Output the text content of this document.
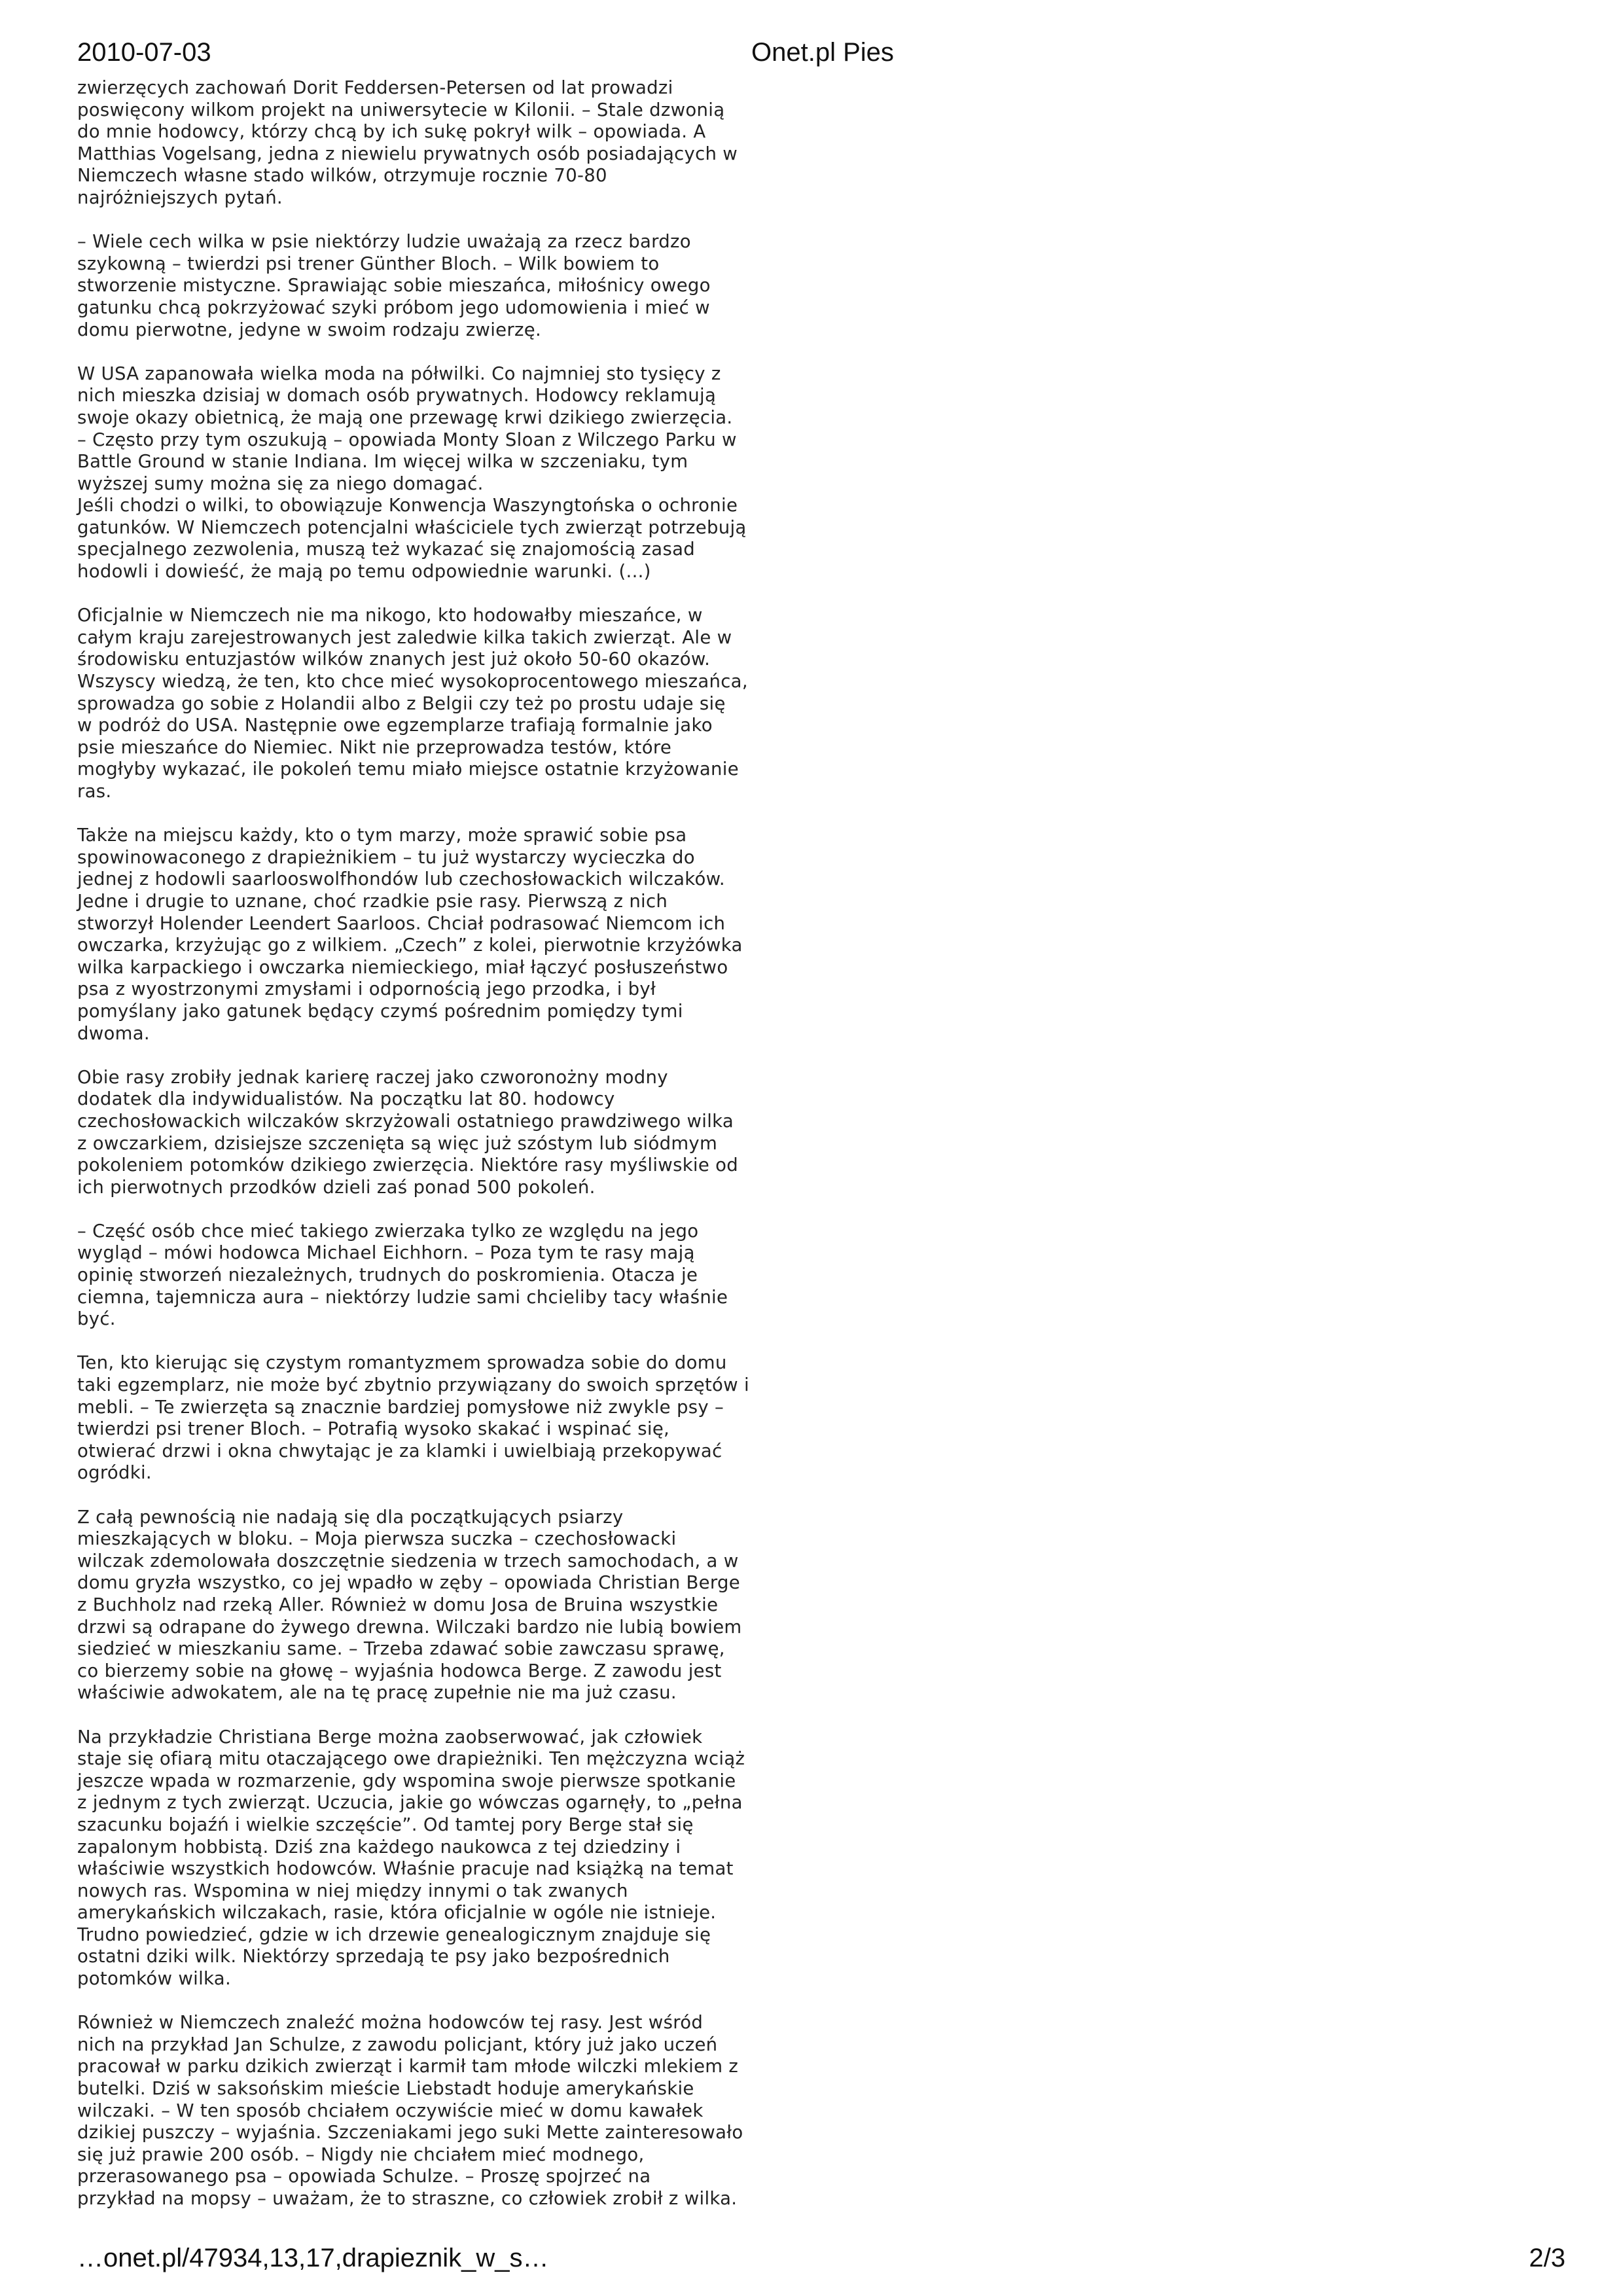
2010-07-03	Onet.pl Pies

zwierzęcych zachowań Dorit Feddersen-Petersen od lat prowadzi
poswięcony wilkom projekt na uniwersytecie w Kilonii. – Stale dzwonią
do mnie hodowcy, którzy chcą by ich sukę pokrył wilk – opowiada. A
Matthias Vogelsang, jedna z niewielu prywatnych osób posiadających w
Niemczech własne stado wilków, otrzymuje rocznie 70-80
najróżniejszych pytań.

– Wiele cech wilka w psie niektórzy ludzie uważają za rzecz bardzo
szykowną – twierdzi psi trener Günther Bloch. – Wilk bowiem to
stworzenie mistyczne. Sprawiając sobie mieszańca, miłośnicy owego
gatunku chcą pokrzyżować szyki próbom jego udomowienia i mieć w
domu pierwotne, jedyne w swoim rodzaju zwierzę.

W USA zapanowała wielka moda na półwilki. Co najmniej sto tysięcy z
nich mieszka dzisiaj w domach osób prywatnych. Hodowcy reklamują
swoje okazy obietnicą, że mają one przewagę krwi dzikiego zwierzęcia.
– Często przy tym oszukują – opowiada Monty Sloan z Wilczego Parku w
Battle Ground w stanie Indiana. Im więcej wilka w szczeniaku, tym
wyższej sumy można się za niego domagać.
Jeśli chodzi o wilki, to obowiązuje Konwencja Waszyngtońska o ochronie
gatunków. W Niemczech potencjalni właściciele tych zwierząt potrzebują
specjalnego zezwolenia, muszą też wykazać się znajomością zasad
hodowli i dowieść, że mają po temu odpowiednie warunki. (...)

Oficjalnie w Niemczech nie ma nikogo, kto hodowałby mieszańce, w
całym kraju zarejestrowanych jest zaledwie kilka takich zwierząt. Ale w
środowisku entuzjastów wilków znanych jest już około 50-60 okazów.
Wszyscy wiedzą, że ten, kto chce mieć wysokoprocentowego mieszańca,
sprowadza go sobie z Holandii albo z Belgii czy też po prostu udaje się
w podróż do USA. Następnie owe egzemplarze trafiają formalnie jako
psie mieszańce do Niemiec. Nikt nie przeprowadza testów, które
mogłyby wykazać, ile pokoleń temu miało miejsce ostatnie krzyżowanie
ras.

Także na miejscu każdy, kto o tym marzy, może sprawić sobie psa
spowinowaconego z drapieżnikiem – tu już wystarczy wycieczka do
jednej z hodowli saarlooswolfhondów lub czechosłowackich wilczaków.
Jedne i drugie to uznane, choć rzadkie psie rasy. Pierwszą z nich
stworzył Holender Leendert Saarloos. Chciał podrasować Niemcom ich
owczarka, krzyżując go z wilkiem. „Czech” z kolei, pierwotnie krzyżówka
wilka karpackiego i owczarka niemieckiego, miał łączyć posłuszeństwo
psa z wyostrzonymi zmysłami i odpornością jego przodka, i był
pomyślany jako gatunek będący czymś pośrednim pomiędzy tymi
dwoma.

Obie rasy zrobiły jednak karierę raczej jako czworonożny modny
dodatek dla indywidualistów. Na początku lat 80. hodowcy
czechosłowackich wilczaków skrzyżowali ostatniego prawdziwego wilka
z owczarkiem, dzisiejsze szczenięta są więc już szóstym lub siódmym
pokoleniem potomków dzikiego zwierzęcia. Niektóre rasy myśliwskie od
ich pierwotnych przodków dzieli zaś ponad 500 pokoleń.

– Część osób chce mieć takiego zwierzaka tylko ze względu na jego
wygląd – mówi hodowca Michael Eichhorn. – Poza tym te rasy mają
opinię stworzeń niezależnych, trudnych do poskromienia. Otacza je
ciemna, tajemnicza aura – niektórzy ludzie sami chcieliby tacy właśnie
być.

Ten, kto kierując się czystym romantyzmem sprowadza sobie do domu
taki egzemplarz, nie może być zbytnio przywiązany do swoich sprzętów i
mebli. – Te zwierzęta są znacznie bardziej pomysłowe niż zwykle psy –
twierdzi psi trener Bloch. – Potrafią wysoko skakać i wspinać się,
otwierać drzwi i okna chwytając je za klamki i uwielbiają przekopywać
ogródki.

Z całą pewnością nie nadają się dla początkujących psiarzy
mieszkających w bloku. – Moja pierwsza suczka – czechosłowacki
wilczak zdemolowała doszczętnie siedzenia w trzech samochodach, a w
domu gryzła wszystko, co jej wpadło w zęby – opowiada Christian Berge
z Buchholz nad rzeką Aller. Również w domu Josa de Bruina wszystkie
drzwi są odrapane do żywego drewna. Wilczaki bardzo nie lubią bowiem
siedzieć w mieszkaniu same. – Trzeba zdawać sobie zawczasu sprawę,
co bierzemy sobie na głowę – wyjaśnia hodowca Berge. Z zawodu jest
właściwie adwokatem, ale na tę pracę zupełnie nie ma już czasu.

Na przykładzie Christiana Berge można zaobserwować, jak człowiek
staje się ofiarą mitu otaczającego owe drapieżniki. Ten mężczyzna wciąż
jeszcze wpada w rozmarzenie, gdy wspomina swoje pierwsze spotkanie
z jednym z tych zwierząt. Uczucia, jakie go wówczas ogarnęły, to „pełna
szacunku bojaźń i wielkie szczęście”. Od tamtej pory Berge stał się
zapalonym hobbistą. Dziś zna każdego naukowca z tej dziedziny i
właściwie wszystkich hodowców. Właśnie pracuje nad książką na temat
nowych ras. Wspomina w niej między innymi o tak zwanych
amerykańskich wilczakach, rasie, która oficjalnie w ogóle nie istnieje.
Trudno powiedzieć, gdzie w ich drzewie genealogicznym znajduje się
ostatni dziki wilk. Niektórzy sprzedają te psy jako bezpośrednich
potomków wilka.

Również w Niemczech znaleźć można hodowców tej rasy. Jest wśród
nich na przykład Jan Schulze, z zawodu policjant, który już jako uczeń
pracował w parku dzikich zwierząt i karmił tam młode wilczki mlekiem z
butelki. Dziś w saksońskim mieście Liebstadt hoduje amerykańskie
wilczaki. – W ten sposób chciałem oczywiście mieć w domu kawałek
dzikiej puszczy – wyjaśnia. Szczeniakami jego suki Mette zainteresowało
się już prawie 200 osób. – Nigdy nie chciałem mieć modnego,
przerasowanego psa – opowiada Schulze. – Proszę spojrzeć na
przykład na mopsy – uważam, że to straszne, co człowiek zrobił z wilka.

…onet.pl/47934,13,17,drapieznik_w_s…	2/3
